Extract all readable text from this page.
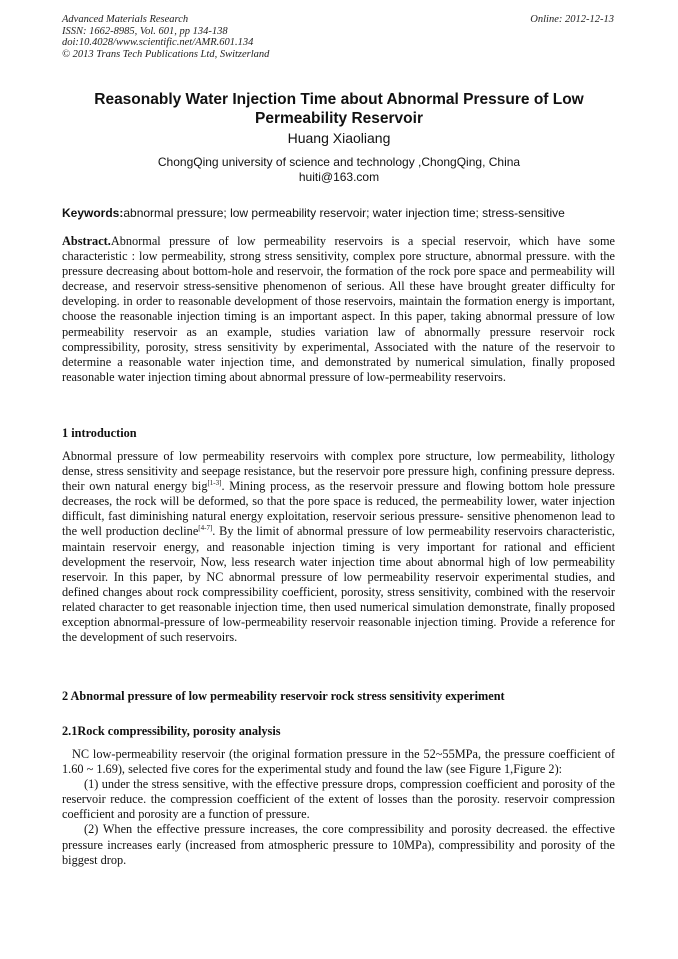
Advanced Materials Research
ISSN: 1662-8985, Vol. 601, pp 134-138
doi:10.4028/www.scientific.net/AMR.601.134
© 2013 Trans Tech Publications Ltd, Switzerland
Online: 2012-12-13
Reasonably Water Injection Time about Abnormal Pressure of Low Permeability Reservoir
Huang Xiaoliang
ChongQing university of science and technology ,ChongQing, China
huiti@163.com
Keywords:abnormal pressure; low permeability reservoir; water injection time; stress-sensitive
Abstract.Abnormal pressure of low permeability reservoirs is a special reservoir, which have some characteristic : low permeability, strong stress sensitivity, complex pore structure, abnormal pressure. with the pressure decreasing about bottom-hole and reservoir, the formation of the rock pore space and permeability will decrease, and reservoir stress-sensitive phenomenon of serious. All these have brought greater difficulty for developing. in order to reasonable development of those reservoirs, maintain the formation energy is important, choose the reasonable injection timing is an important aspect. In this paper, taking abnormal pressure of low permeability reservoir as an example, studies variation law of abnormally pressure reservoir rock compressibility, porosity, stress sensitivity by experimental, Associated with the nature of the reservoir to determine a reasonable water injection time, and demonstrated by numerical simulation, finally proposed reasonable water injection timing about abnormal pressure of low-permeability reservoirs.
1 introduction
Abnormal pressure of low permeability reservoirs with complex pore structure, low permeability, lithology dense, stress sensitivity and seepage resistance, but the reservoir pore pressure high, confining pressure depress. their own natural energy big[1-3]. Mining process, as the reservoir pressure and flowing bottom hole pressure decreases, the rock will be deformed, so that the pore space is reduced, the permeability lower, water injection difficult, fast diminishing natural energy exploitation, reservoir serious pressure- sensitive phenomenon lead to the well production decline[4-7]. By the limit of abnormal pressure of low permeability reservoirs characteristic, maintain reservoir energy, and reasonable injection timing is very important for rational and efficient development the reservoir, Now, less research water injection time about abnormal high of low permeability reservoir. In this paper, by NC abnormal pressure of low permeability reservoir experimental studies, and defined changes about rock compressibility coefficient, porosity, stress sensitivity, combined with the reservoir related character to get reasonable injection time, then used numerical simulation demonstrate, finally proposed exception abnormal-pressure of low-permeability reservoir reasonable injection timing. Provide a reference for the development of such reservoirs.
2 Abnormal pressure of low permeability reservoir rock stress sensitivity experiment
2.1Rock compressibility, porosity analysis

NC low-permeability reservoir (the original formation pressure in the 52~55MPa, the pressure coefficient of 1.60 ~ 1.69), selected five cores for the experimental study and found the law (see Figure 1,Figure 2):

(1) under the stress sensitive, with the effective pressure drops, compression coefficient and porosity of the reservoir reduce. the compression coefficient of the extent of losses than the porosity. reservoir compression coefficient and porosity are a function of pressure.

(2) When the effective pressure increases, the core compressibility and porosity decreased. the effective pressure increases early (increased from atmospheric pressure to 10MPa), compressibility and porosity of the biggest drop.
